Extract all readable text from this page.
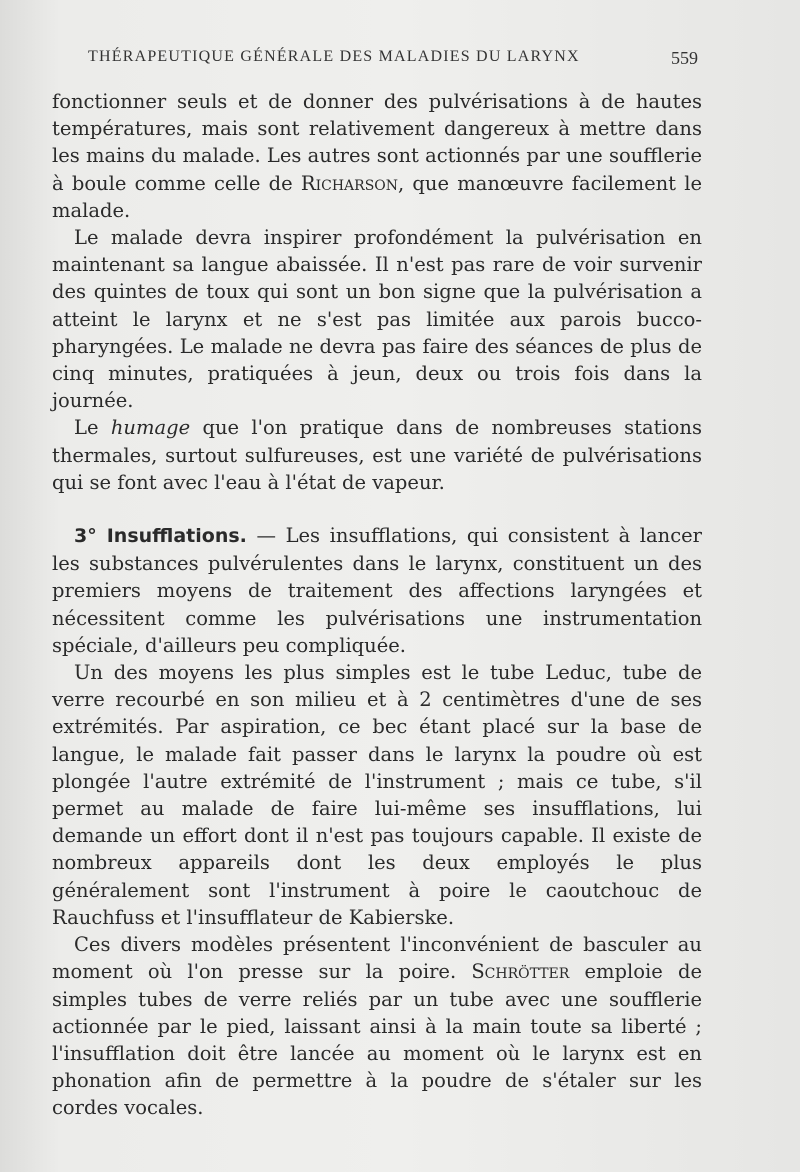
THÉRAPEUTIQUE GÉNÉRALE DES MALADIES DU LARYNX	559

fonctionner seuls et de donner des pulvérisations à de hautes températures, mais sont relativement dangereux à mettre dans les mains du malade. Les autres sont actionnés par une soufflerie à boule comme celle de Richarson, que manœuvre facilement le malade.

Le malade devra inspirer profondément la pulvérisation en maintenant sa langue abaissée. Il n'est pas rare de voir survenir des quintes de toux qui sont un bon signe que la pulvérisation a atteint le larynx et ne s'est pas limitée aux parois bucco-pharyngées. Le malade ne devra pas faire des séances de plus de cinq minutes, pratiquées à jeun, deux ou trois fois dans la journée.

Le humage que l'on pratique dans de nombreuses stations thermales, surtout sulfureuses, est une variété de pulvérisations qui se font avec l'eau à l'état de vapeur.

3° Insufflations. — Les insufflations, qui consistent à lancer les substances pulvérulentes dans le larynx, constituent un des premiers moyens de traitement des affections laryngées et nécessitent comme les pulvérisations une instrumentation spéciale, d'ailleurs peu compliquée.

Un des moyens les plus simples est le tube Leduc, tube de verre recourbé en son milieu et à 2 centimètres d'une de ses extrémités. Par aspiration, ce bec étant placé sur la base de langue, le malade fait passer dans le larynx la poudre où est plongée l'autre extrémité de l'instrument ; mais ce tube, s'il permet au malade de faire lui-même ses insufflations, lui demande un effort dont il n'est pas toujours capable. Il existe de nombreux appareils dont les deux employés le plus généralement sont l'instrument à poire le caoutchouc de Rauchfuss et l'insufflateur de Kabierske.

Ces divers modèles présentent l'inconvénient de basculer au moment où l'on presse sur la poire. Schrötter emploie de simples tubes de verre reliés par un tube avec une soufflerie actionnée par le pied, laissant ainsi à la main toute sa liberté ; l'insufflation doit être lancée au moment où le larynx est en phonation afin de permettre à la poudre de s'étaler sur les cordes vocales.
